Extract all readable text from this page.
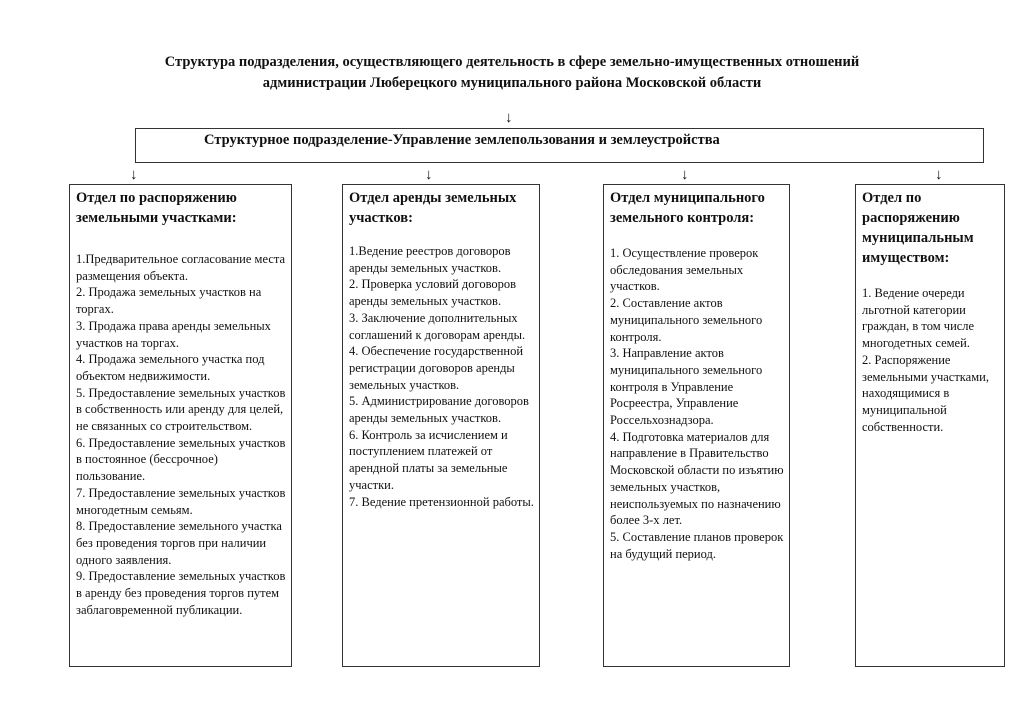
Структура подразделения, осуществляющего деятельность в сфере земельно-имущественных отношений
администрации Люберецкого муниципального района Московской области
↓
Структурное подразделение-Управление землепользования и землеустройства
↓	↓	↓	↓
Отдел по распоряжению земельными участками:
1.Предварительное согласование места размещения объекта.
2. Продажа земельных участков на торгах.
3. Продажа права аренды земельных участков на торгах.
4. Продажа земельного участка под объектом недвижимости.
5. Предоставление земельных участков в собственность или аренду для целей, не связанных со строительством.
6. Предоставление земельных участков в постоянное (бессрочное) пользование.
7. Предоставление земельных участков многодетным семьям.
8. Предоставление земельного участка без проведения торгов при наличии одного заявления.
9. Предоставление земельных участков в аренду без проведения торгов путем заблаговременной публикации.
Отдел аренды земельных участков:
1.Ведение реестров договоров аренды земельных участков.
2. Проверка условий договоров аренды земельных участков.
3. Заключение дополнительных соглашений к договорам аренды.
4. Обеспечение государственной регистрации договоров аренды земельных участков.
5. Администрирование договоров аренды земельных участков.
6. Контроль за исчислением и поступлением платежей от арендной платы за земельные участки.
7. Ведение претензионной работы.
Отдел муниципального земельного контроля:
1. Осуществление проверок обследования земельных участков.
2. Составление актов муниципального земельного контроля.
3. Направление актов муниципального земельного контроля в Управление Росреестра, Управление Россельхознадзора.
4. Подготовка материалов для направление в Правительство Московской области по изъятию земельных участков, неиспользуемых по назначению более 3-х лет.
5. Составление планов проверок на будущий период.
Отдел по распоряжению муниципальным имуществом:
1. Ведение очереди льготной категории граждан, в том числе многодетных семей.
2. Распоряжение земельными участками, находящимися в муниципальной собственности.
